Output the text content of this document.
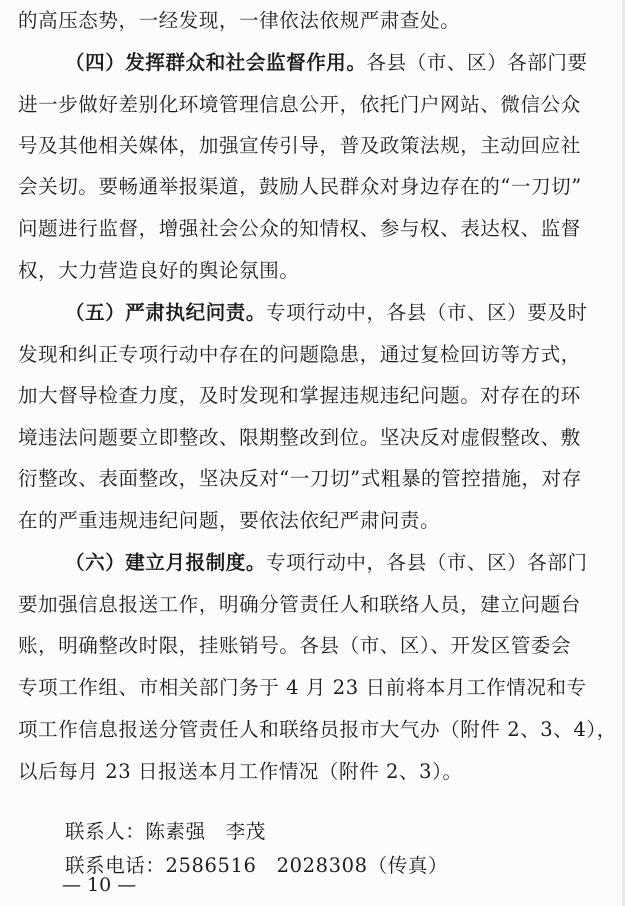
的高压态势，一经发现，一律依法依规严肃查处。
（四）发挥群众和社会监督作用。各县（市、区）各部门要
进一步做好差别化环境管理信息公开，依托门户网站、微信公众
号及其他相关媒体，加强宣传引导，普及政策法规，主动回应社
会关切。要畅通举报渠道，鼓励人民群众对身边存在的“一刀切”
问题进行监督，增强社会公众的知情权、参与权、表达权、监督
权，大力营造良好的舆论氛围。
（五）严肃执纪问责。专项行动中，各县（市、区）要及时
发现和纠正专项行动中存在的问题隐患，通过复检回访等方式，
加大督导检查力度，及时发现和掌握违规违纪问题。对存在的环
境违法问题要立即整改、限期整改到位。坚决反对虚假整改、敷
衍整改、表面整改，坚决反对“一刀切”式粗暴的管控措施，对存
在的严重违规违纪问题，要依法依纪严肃问责。
（六）建立月报制度。专项行动中，各县（市、区）各部门
要加强信息报送工作，明确分管责任人和联络人员，建立问题台
账，明确整改时限，挂账销号。各县（市、区）、开发区管委会
专项工作组、市相关部门务于 4 月 23 日前将本月工作情况和专
项工作信息报送分管责任人和联络员报市大气办（附件 2、3、4），
以后每月 23 日报送本月工作情况（附件 2、3）。
联系人：陈素强　李茂
联系电话：2586516　2028308（传真）
— 10 —
